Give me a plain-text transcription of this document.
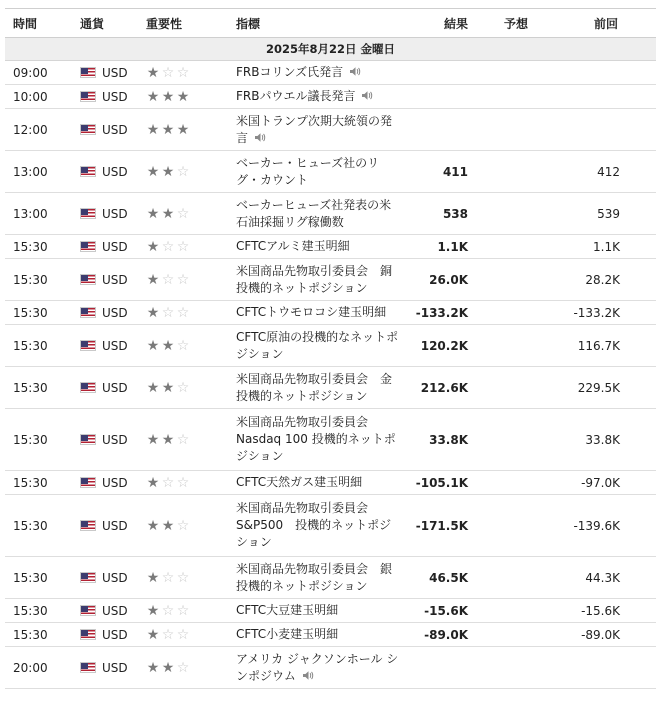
時間	通貨	重要性	指標	結果	予想	前回
2025年8月22日 金曜日						
09:00	USD	★☆☆	FRBコリンズ氏発言			
10:00	USD	★★★	FRBパウエル議長発言			
12:00	USD	★★★	米国トランプ次期大統領の発言			
13:00	USD	★★☆	ベーカー・ヒューズ社のリグ・カウント	411		412
13:00	USD	★★☆	ベーカーヒューズ社発表の米石油採掘リグ稼働数	538		539
15:30	USD	★☆☆	CFTCアルミ建玉明細	1.1K		1.1K
15:30	USD	★☆☆	米国商品先物取引委員会　銅投機的ネットポジション	26.0K		28.2K
15:30	USD	★☆☆	CFTCトウモロコシ建玉明細	-133.2K		-133.2K
15:30	USD	★★☆	CFTC原油の投機的なネットポジション	120.2K		116.7K
15:30	USD	★★☆	米国商品先物取引委員会　金投機的ネットポジション	212.6K		229.5K
15:30	USD	★★☆	米国商品先物取引委員会 Nasdaq 100 投機的ネットポジション	33.8K		33.8K
15:30	USD	★☆☆	CFTC天然ガス建玉明細	-105.1K		-97.0K
15:30	USD	★★☆	米国商品先物取引委員会 S&P500　投機的ネットポジション	-171.5K		-139.6K
15:30	USD	★☆☆	米国商品先物取引委員会　銀投機的ネットポジション	46.5K		44.3K
15:30	USD	★☆☆	CFTC大豆建玉明細	-15.6K		-15.6K
15:30	USD	★☆☆	CFTC小麦建玉明細	-89.0K		-89.0K
20:00	USD	★★☆	アメリカ ジャクソンホール シンポジウム			
